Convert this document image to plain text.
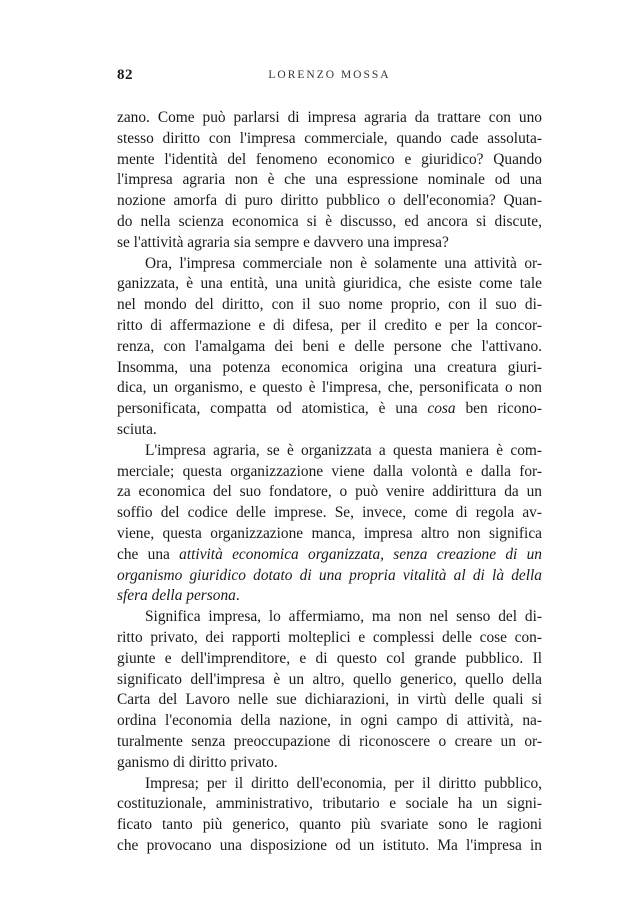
82	LORENZO MOSSA
zano. Come può parlarsi di impresa agraria da trattare con uno
stesso diritto con l'impresa commerciale, quando cade assoluta-
mente l'identità del fenomeno economico e giuridico? Quando
l'impresa agraria non è che una espressione nominale od una
nozione amorfa di puro diritto pubblico o dell'economia? Quan-
do nella scienza economica si è discusso, ed ancora si discute,
se l'attività agraria sia sempre e davvero una impresa?
Ora, l'impresa commerciale non è solamente una attività or-
ganizzata, è una entità, una unità giuridica, che esiste come tale
nel mondo del diritto, con il suo nome proprio, con il suo di-
ritto di affermazione e di difesa, per il credito e per la concor-
renza, con l'amalgama dei beni e delle persone che l'attivano.
Insomma, una potenza economica origina una creatura giuri-
dica, un organismo, e questo è l'impresa, che, personificata o non
personificata, compatta od atomistica, è una cosa ben ricono-
sciuta.
L'impresa agraria, se è organizzata a questa maniera è com-
merciale; questa organizzazione viene dalla volontà e dalla for-
za economica del suo fondatore, o può venire addirittura da un
soffio del codice delle imprese. Se, invece, come di regola av-
viene, questa organizzazione manca, impresa altro non significa
che una attività economica organizzata, senza creazione di un
organismo giuridico dotato di una propria vitalità al di là della
sfera della persona.
Significa impresa, lo affermiamo, ma non nel senso del di-
ritto privato, dei rapporti molteplici e complessi delle cose con-
giunte e dell'imprenditore, e di questo col grande pubblico. Il
significato dell'impresa è un altro, quello generico, quello della
Carta del Lavoro nelle sue dichiarazioni, in virtù delle quali si
ordina l'economia della nazione, in ogni campo di attività, na-
turalmente senza preoccupazione di riconoscere o creare un or-
ganismo di diritto privato.
Impresa; per il diritto dell'economia, per il diritto pubblico,
costituzionale, amministrativo, tributario e sociale ha un signi-
ficato tanto più generico, quanto più svariate sono le ragioni
che provocano una disposizione od un istituto. Ma l'impresa in
